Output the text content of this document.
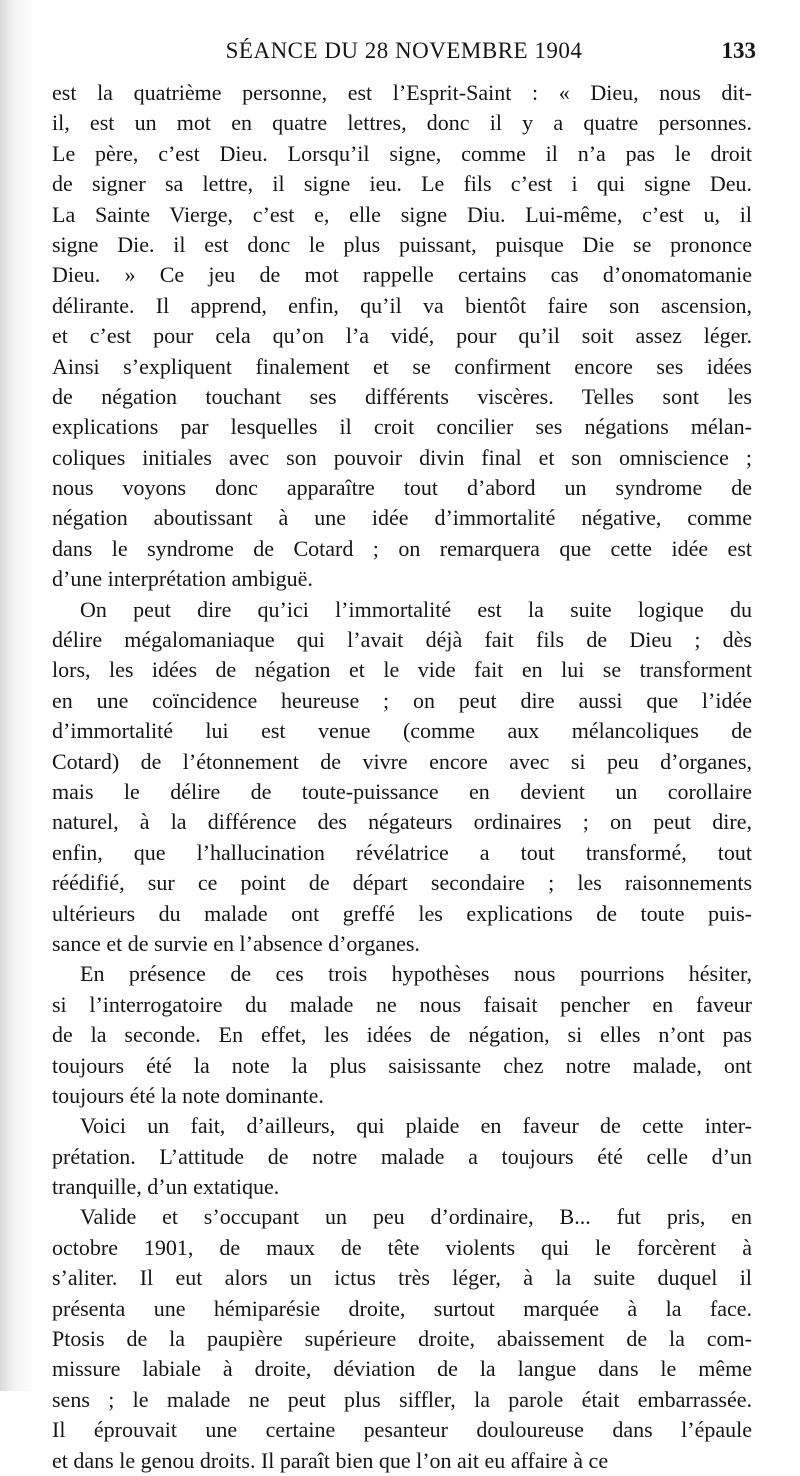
SÉANCE DU 28 NOVEMBRE 1904	133
est la quatrième personne, est l’Esprit-Saint : « Dieu, nous dit-
il, est un mot en quatre lettres, donc il y a quatre personnes.
Le père, c’est Dieu. Lorsqu’il signe, comme il n’a pas le droit
de signer sa lettre, il signe ieu. Le fils c’est i qui signe Deu.
La Sainte Vierge, c’est e, elle signe Diu. Lui-même, c’est u, il
signe Die. il est donc le plus puissant, puisque Die se prononce
Dieu. » Ce jeu de mot rappelle certains cas d’onomatomanie
délirante. Il apprend, enfin, qu’il va bientôt faire son ascension,
et c’est pour cela qu’on l’a vidé, pour qu’il soit assez léger.
Ainsi s’expliquent finalement et se confirment encore ses idées
de négation touchant ses différents viscères. Telles sont les
explications par lesquelles il croit concilier ses négations mélan-
coliques initiales avec son pouvoir divin final et son omniscience ;
nous voyons donc apparaître tout d’abord un syndrome de
négation aboutissant à une idée d’immortalité négative, comme
dans le syndrome de Cotard ; on remarquera que cette idée est
d’une interprétation ambiguë.
On peut dire qu’ici l’immortalité est la suite logique du
délire mégalomaniaque qui l’avait déjà fait fils de Dieu ; dès
lors, les idées de négation et le vide fait en lui se transforment
en une coïncidence heureuse ; on peut dire aussi que l’idée
d’immortalité lui est venue (comme aux mélancoliques de
Cotard) de l’étonnement de vivre encore avec si peu d’organes,
mais le délire de toute-puissance en devient un corollaire
naturel, à la différence des négateurs ordinaires ; on peut dire,
enfin, que l’hallucination révélatrice a tout transformé, tout
réédifié, sur ce point de départ secondaire ; les raisonnements
ultérieurs du malade ont greffé les explications de toute puis-
sance et de survie en l’absence d’organes.
En présence de ces trois hypothèses nous pourrions hésiter,
si l’interrogatoire du malade ne nous faisait pencher en faveur
de la seconde. En effet, les idées de négation, si elles n’ont pas
toujours été la note la plus saisissante chez notre malade, ont
toujours été la note dominante.
Voici un fait, d’ailleurs, qui plaide en faveur de cette inter-
prétation. L’attitude de notre malade a toujours été celle d’un
tranquille, d’un extatique.
Valide et s’occupant un peu d’ordinaire, B... fut pris, en
octobre 1901, de maux de tête violents qui le forcèrent à
s’aliter. Il eut alors un ictus très léger, à la suite duquel il
présenta une hémiparésie droite, surtout marquée à la face.
Ptosis de la paupière supérieure droite, abaissement de la com-
missure labiale à droite, déviation de la langue dans le même
sens ; le malade ne peut plus siffler, la parole était embarrassée.
Il éprouvait une certaine pesanteur douloureuse dans l’épaule
et dans le genou droits. Il paraît bien que l’on ait eu affaire à ce
